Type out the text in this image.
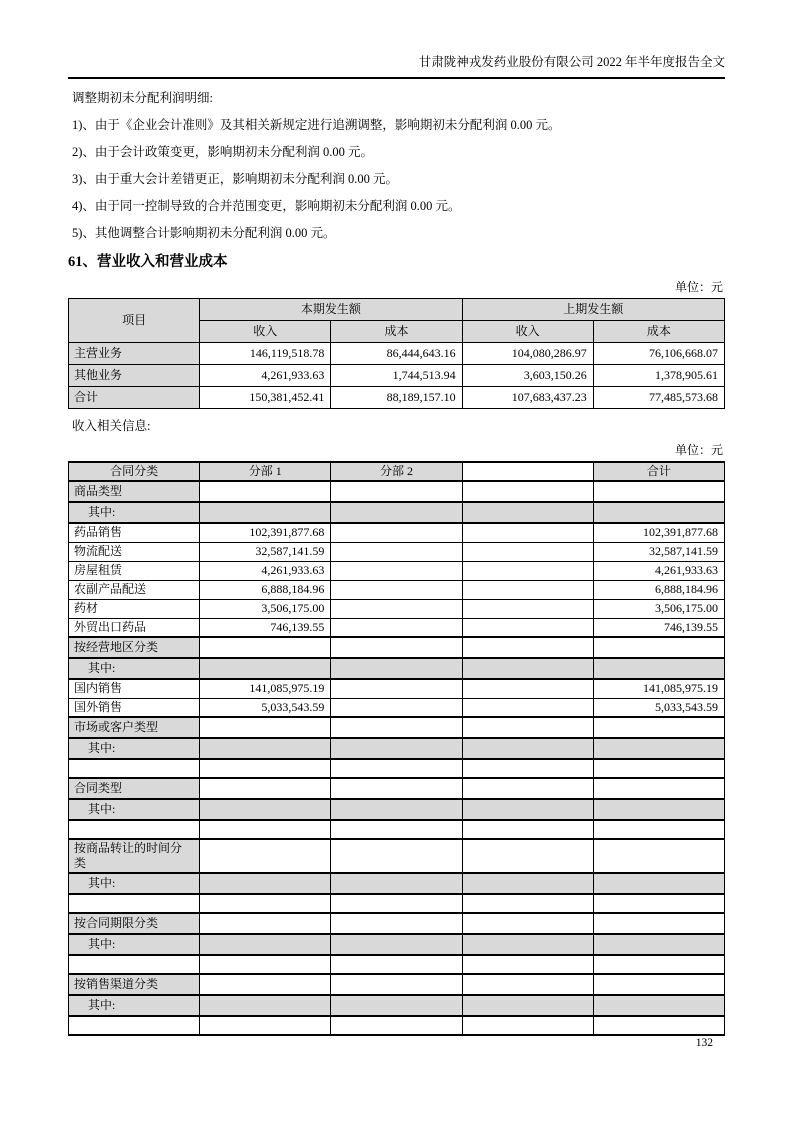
甘肃陇神戎发药业股份有限公司 2022 年半年度报告全文

调整期初未分配利润明细:

1)、由于《企业会计准则》及其相关新规定进行追溯调整，影响期初未分配利润 0.00 元。

2)、由于会计政策变更，影响期初未分配利润 0.00 元。

3)、由于重大会计差错更正，影响期初未分配利润 0.00 元。

4)、由于同一控制导致的合并范围变更，影响期初未分配利润 0.00 元。

5)、其他调整合计影响期初未分配利润 0.00 元。

61、营业收入和营业成本
单位：元
项目	本期发生额		上期发生额	
	收入	成本	收入	成本
主营业务	146,119,518.78	86,444,643.16	104,080,286.97	76,106,668.07
其他业务	4,261,933.63	1,744,513.94	3,603,150.26	1,378,905.61
合计	150,381,452.41	88,189,157.10	107,683,437.23	77,485,573.68

收入相关信息:

单位：元
合同分类	分部 1	分部 2		合计
商品类型				
其中:				
药品销售	102,391,877.68			102,391,877.68
物流配送	32,587,141.59			32,587,141.59
房屋租赁	4,261,933.63			4,261,933.63
农副产品配送	6,888,184.96			6,888,184.96
药材	3,506,175.00			3,506,175.00
外贸出口药品	746,139.55			746,139.55
按经营地区分类				
其中:				
国内销售	141,085,975.19			141,085,975.19
国外销售	5,033,543.59			5,033,543.59
市场或客户类型				
其中:				

合同类型				
其中:				

按商品转让的时间分类				
其中:				

按合同期限分类				
其中:				

按销售渠道分类				
其中:				

132
